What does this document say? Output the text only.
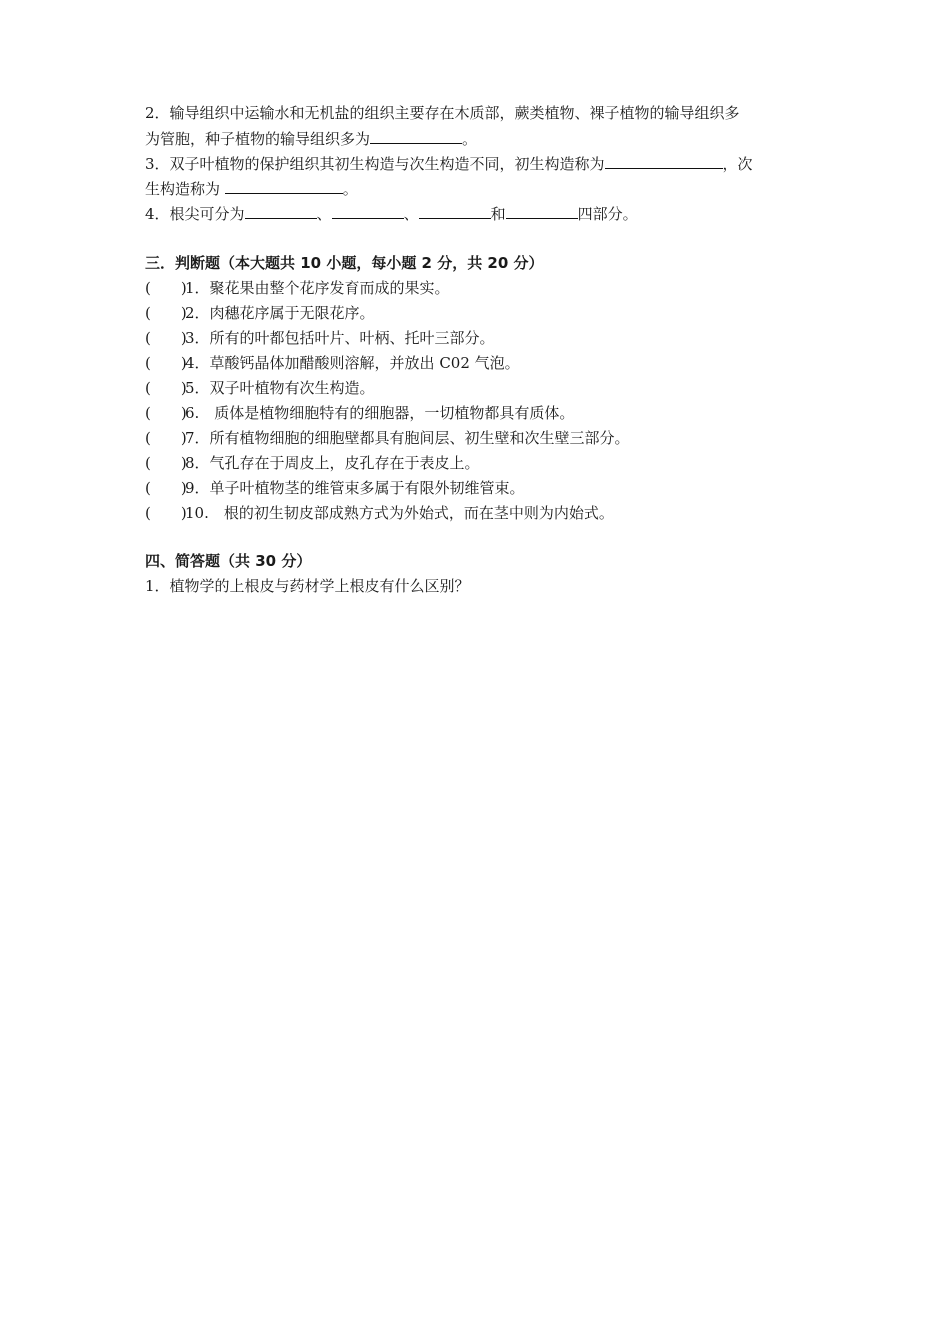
2．输导组织中运输水和无机盐的组织主要存在木质部，蕨类植物、裸子植物的输导组织多
为管胞，种子植物的输导组织多为	。
3．双子叶植物的保护组织其初生构造与次生构造不同，初生构造称为	，次
生构造称为	。
4．根尖可分为	、	、	和	四部分。
三．判断题（本大题共 10 小题，每小题 2 分，共 20 分）
(　　)1．聚花果由整个花序发育而成的果实。
(　　)2．肉穗花序属于无限花序。
(　　)3．所有的叶都包括叶片、叶柄、托叶三部分。
(　　)4．草酸钙晶体加醋酸则溶解，并放出 C02 气泡。
(　　)5．双子叶植物有次生构造。
(　　)6.　质体是植物细胞特有的细胞器，一切植物都具有质体。
(　　)7．所有植物细胞的细胞壁都具有胞间层、初生壁和次生壁三部分。
(　　)8．气孔存在于周皮上，皮孔存在于表皮上。
(　　)9．单子叶植物茎的维管束多属于有限外韧维管束。
(　　)10.　根的初生韧皮部成熟方式为外始式，而在茎中则为内始式。
四、简答题（共 30 分）
1．植物学的上根皮与药材学上根皮有什么区别？
